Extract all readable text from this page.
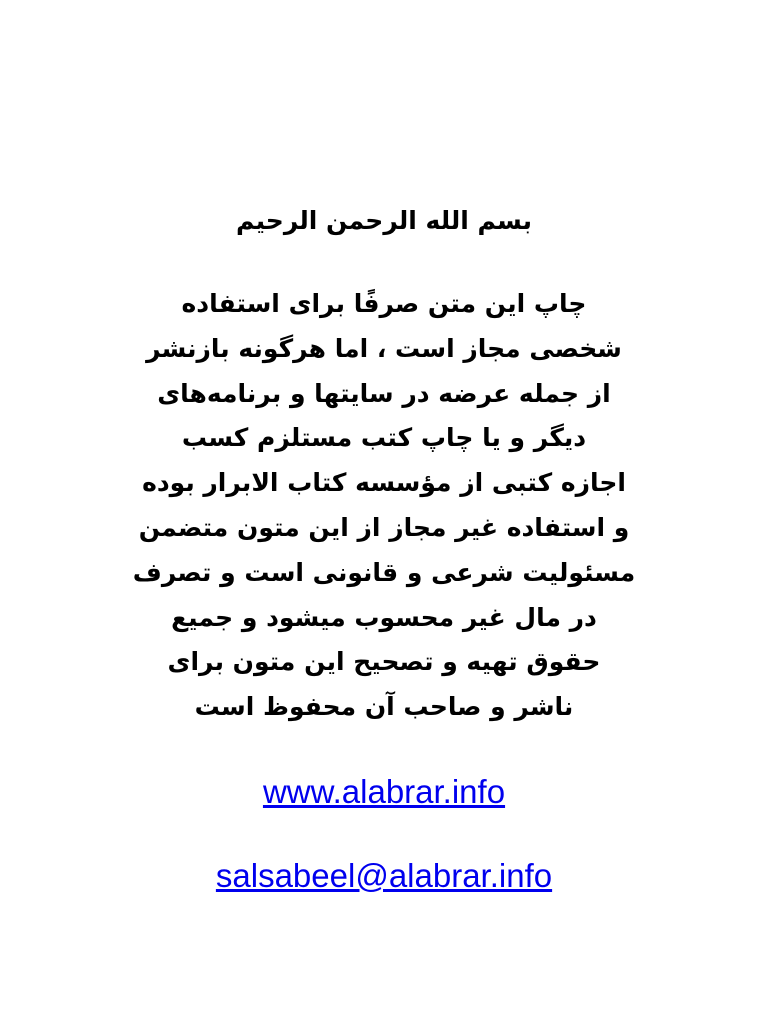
بسم الله الرحمن الرحیم
چاپ این متن صرفًا برای استفاده
شخصی مجاز است ، اما هرگونه بازنشر
از جمله عرضه در سایتها و برنامه‌های
دیگر و یا چاپ کتب مستلزم کسب
اجازه کتبی از مؤسسه کتاب الابرار بوده
و استفاده غیر مجاز از این متون متضمن
مسئولیت شرعی و قانونی است و تصرف
در مال غیر محسوب میشود و جمیع
حقوق تهیه و تصحیح این متون برای
ناشر و صاحب آن محفوظ است
www.alabrar.info
salsabeel@alabrar.info
